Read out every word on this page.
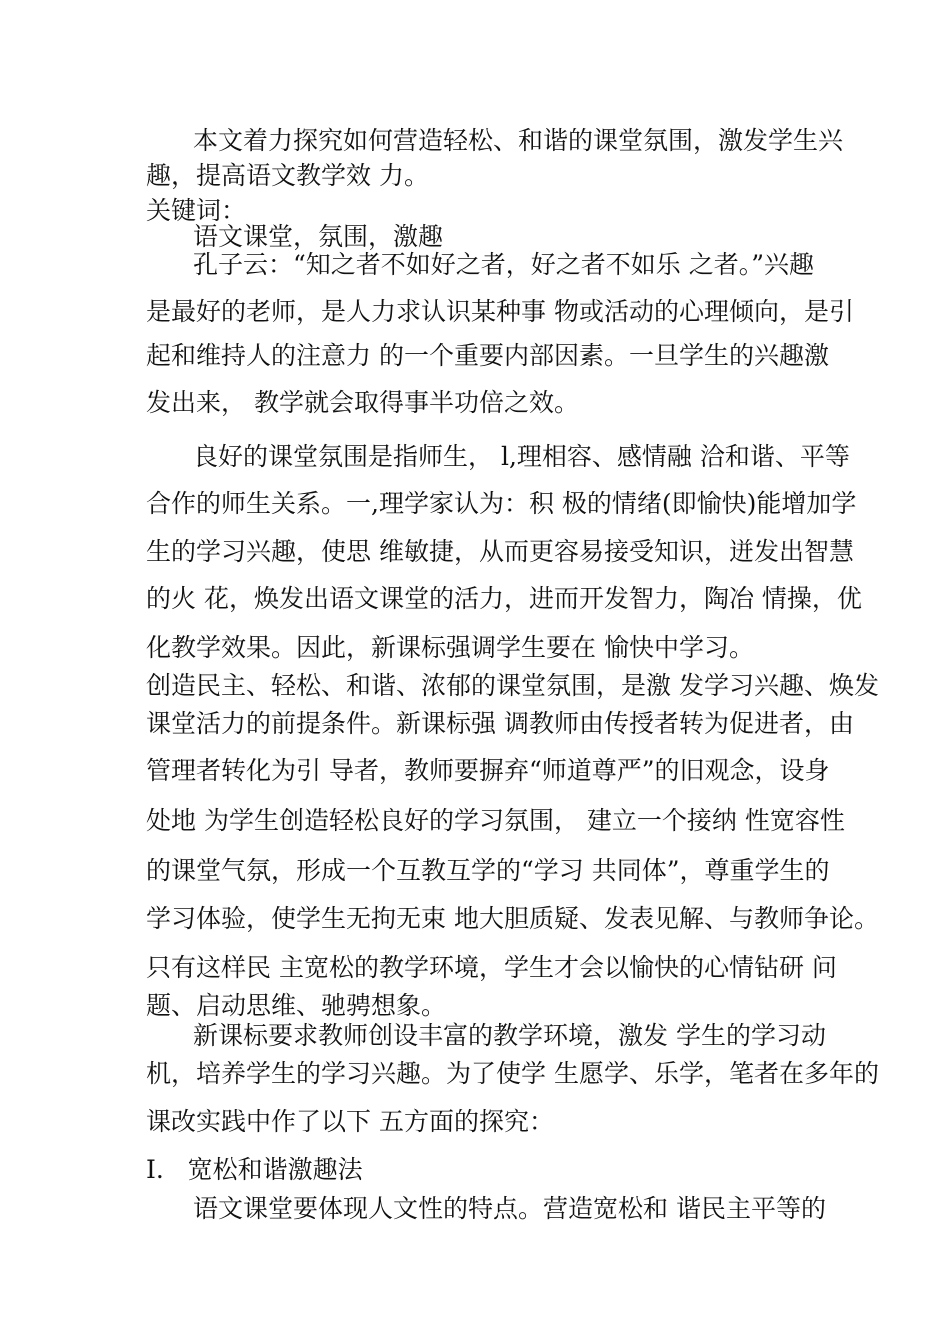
本文着力探究如何营造轻松、和谐的课堂氛围，激发学生兴

趣，提高语文教学效 力。

关键词：

语文课堂，氛围，激趣

孔子云：“知之者不如好之者，好之者不如乐 之者。”兴趣

是最好的老师，是人力求认识某种事 物或活动的心理倾向，是引

起和维持人的注意力 的一个重要内部因素。一旦学生的兴趣激

发出来， 教学就会取得事半功倍之效。

良好的课堂氛围是指师生， l,理相容、感情融 洽和谐、平等

合作的师生关系。一,理学家认为：积 极的情绪(即愉快)能增加学

生的学习兴趣，使思 维敏捷，从而更容易接受知识，迸发出智慧

的火 花，焕发出语文课堂的活力，进而开发智力，陶冶 情操，优

化教学效果。因此，新课标强调学生要在 愉快中学习。

创造民主、轻松、和谐、浓郁的课堂氛围，是激 发学习兴趣、焕发

课堂活力的前提条件。新课标强 调教师由传授者转为促进者，由

管理者转化为引 导者，教师要摒弃“师道尊严”的旧观念，设身

处地 为学生创造轻松良好的学习氛围， 建立一个接纳 性宽容性

的课堂气氛，形成一个互教互学的“学习 共同体”，尊重学生的

学习体验，使学生无拘无束 地大胆质疑、发表见解、与教师争论。

只有这样民 主宽松的教学环境，学生才会以愉快的心情钻研 问

题、启动思维、驰骋想象。

新课标要求教师创设丰富的教学环境，激发 学生的学习动

机，培养学生的学习兴趣。为了使学 生愿学、乐学，笔者在多年的

课改实践中作了以下 五方面的探究：

I.   宽松和谐激趣法

语文课堂要体现人文性的特点。营造宽松和 谐民主平等的
